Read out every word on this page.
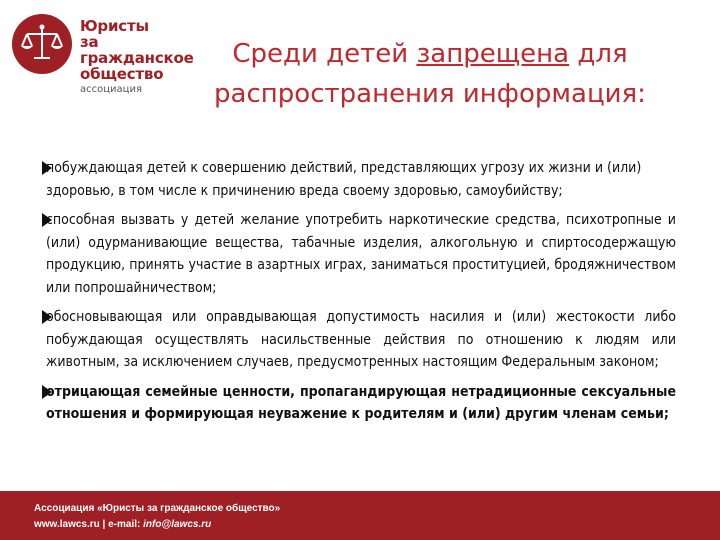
Юристы
за гражданское
общество
ассоциация
Среди детей запрещена для
распространения информация:
побуждающая детей к совершению действий, представляющих угрозу их жизни и (или) здоровью, в том числе к причинению вреда своему здоровью, самоубийству;
способная вызвать у детей желание употребить наркотические средства, психотропные и (или) одурманивающие вещества, табачные изделия, алкогольную и спиртосодержащую продукцию, принять участие в азартных играх, заниматься проституцией, бродяжничеством или попрошайничеством;
обосновывающая или оправдывающая допустимость насилия и (или) жестокости либо побуждающая осуществлять насильственные действия по отношению к людям или животным, за исключением случаев, предусмотренных настоящим Федеральным законом;
отрицающая семейные ценности, пропагандирующая нетрадиционные сексуальные отношения и формирующая неуважение к родителям и (или) другим членам семьи;
Ассоциация «Юристы за гражданское общество»
www.lawcs.ru | e-mail: info@lawcs.ru
